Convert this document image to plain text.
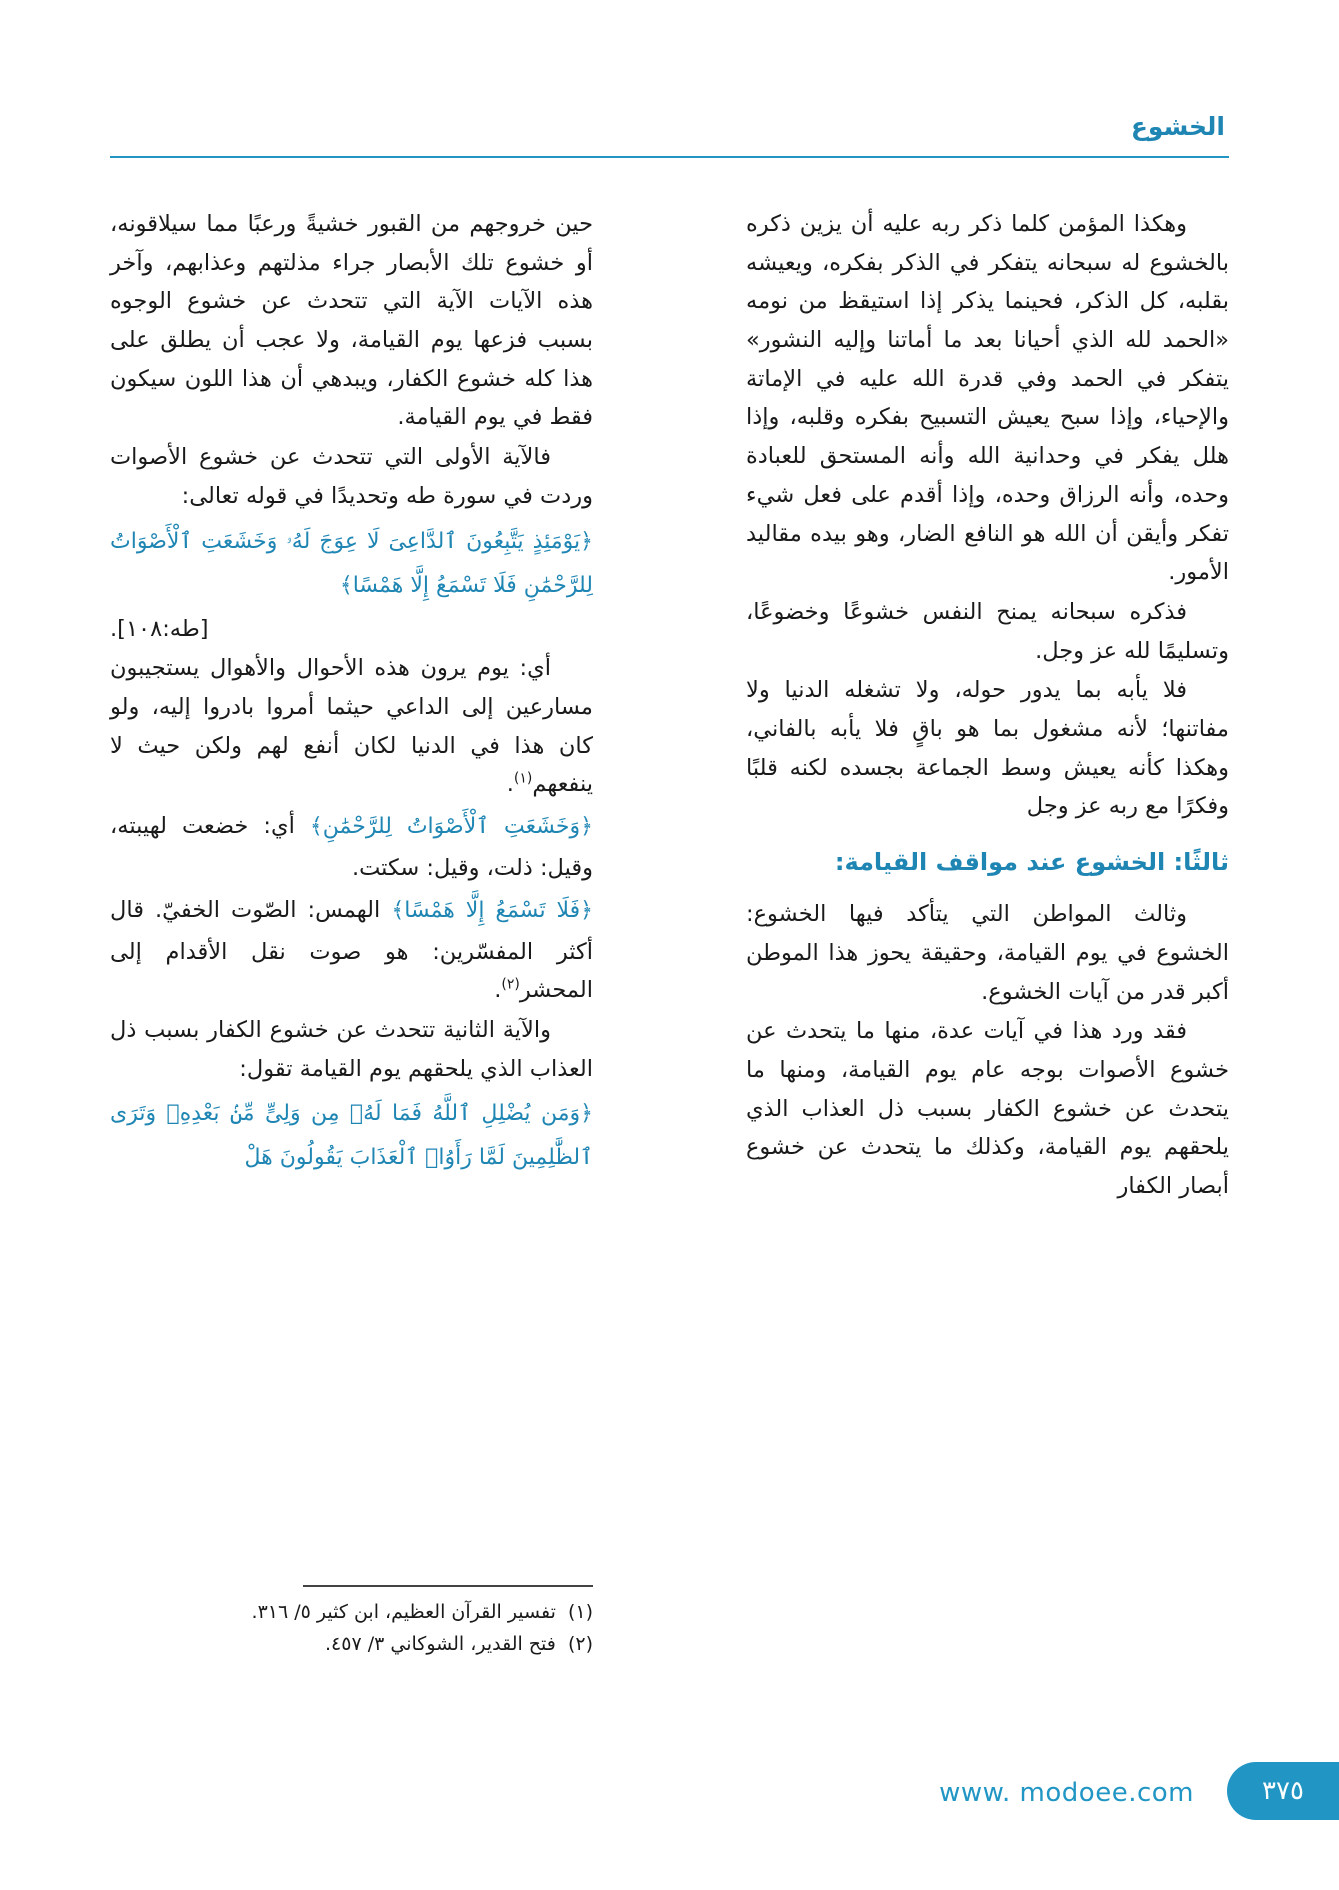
الخشوع

وهكذا المؤمن كلما ذكر ربه عليه أن يزين ذكره بالخشوع له سبحانه يتفكر في الذكر بفكره، ويعيشه بقلبه، كل الذكر، فحينما يذكر إذا استيقظ من نومه «الحمد لله الذي أحيانا بعد ما أماتنا وإليه النشور» يتفكر في الحمد وفي قدرة الله عليه في الإماتة والإحياء، وإذا سبح يعيش التسبيح بفكره وقلبه، وإذا هلل يفكر في وحدانية الله وأنه المستحق للعبادة وحده، وأنه الرزاق وحده، وإذا أقدم على فعل شيء تفكر وأيقن أن الله هو النافع الضار، وهو بيده مقاليد الأمور.

فذكره سبحانه يمنح النفس خشوعًا وخضوعًا، وتسليمًا لله عز وجل.

فلا يأبه بما يدور حوله، ولا تشغله الدنيا ولا مفاتنها؛ لأنه مشغول بما هو باقٍ فلا يأبه بالفاني، وهكذا كأنه يعيش وسط الجماعة بجسده لكنه قلبًا وفكرًا مع ربه عز وجل

ثالثًا: الخشوع عند مواقف القيامة:

وثالث المواطن التي يتأكد فيها الخشوع: الخشوع في يوم القيامة، وحقيقة يحوز هذا الموطن أكبر قدر من آيات الخشوع.

فقد ورد هذا في آيات عدة، منها ما يتحدث عن خشوع الأصوات بوجه عام يوم القيامة، ومنها ما يتحدث عن خشوع الكفار بسبب ذل العذاب الذي يلحقهم يوم القيامة، وكذلك ما يتحدث عن خشوع أبصار الكفار

حين خروجهم من القبور خشيةً ورعبًا مما سيلاقونه، أو خشوع تلك الأبصار جراء مذلتهم وعذابهم، وآخر هذه الآيات الآية التي تتحدث عن خشوع الوجوه بسبب فزعها يوم القيامة، ولا عجب أن يطلق على هذا كله خشوع الكفار، ويبدهي أن هذا اللون سيكون فقط في يوم القيامة.

فالآية الأولى التي تتحدث عن خشوع الأصوات وردت في سورة طه وتحديدًا في قوله تعالى:

﴿يَوْمَئِذٍ يَتَّبِعُونَ ٱلدَّاعِىَ لَا عِوَجَ لَهُۥ وَخَشَعَتِ ٱلْأَصْوَاتُ لِلرَّحْمَٰنِ فَلَا تَسْمَعُ إِلَّا هَمْسًا﴾

[طه:١٠٨].

أي: يوم يرون هذه الأحوال والأهوال يستجيبون مسارعين إلى الداعي حيثما أمروا بادروا إليه، ولو كان هذا في الدنيا لكان أنفع لهم ولكن حيث لا ينفعهم$^{(١)}$.

﴿وَخَشَعَتِ ٱلْأَصْوَاتُ لِلرَّحْمَٰنِ﴾ أي: خضعت لهيبته، وقيل: ذلت، وقيل: سكتت.

﴿فَلَا تَسْمَعُ إِلَّا هَمْسًا﴾ الهمس: الصّوت الخفيّ. قال أكثر المفسّرين: هو صوت نقل الأقدام إلى المحشر$^{(٢)}$.

والآية الثانية تتحدث عن خشوع الكفار بسبب ذل العذاب الذي يلحقهم يوم القيامة تقول:

﴿وَمَن يُضْلِلِ ٱللَّهُ فَمَا لَهُۥ مِن وَلِىٍّ مِّنۢ بَعْدِهِۦ وَتَرَى ٱلظَّٰلِمِينَ لَمَّا رَأَوُا۟ ٱلْعَذَابَ يَقُولُونَ هَلْ

(١) تفسير القرآن العظيم، ابن كثير ٥/ ٣١٦.
(٢) فتح القدير، الشوكاني ٣/ ٤٥٧.
٣٧٥
www. modoee.com
